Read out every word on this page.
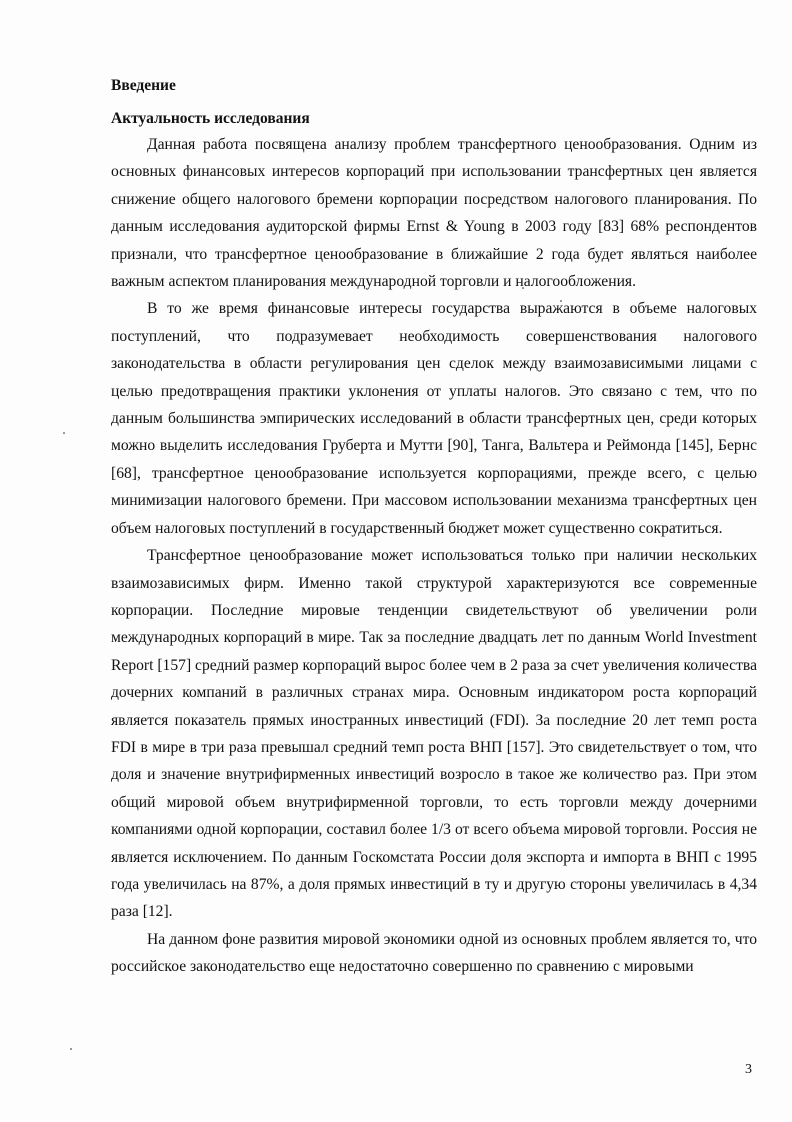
Введение

Актуальность исследования

Данная работа посвящена анализу проблем трансфертного ценообразования. Одним из основных финансовых интересов корпораций при использовании трансфертных цен является снижение общего налогового бремени корпорации посредством налогового планирования. По данным исследования аудиторской фирмы Ernst & Young в 2003 году [83] 68% респондентов признали, что трансфертное ценообразование в ближайшие 2 года будет являться наиболее важным аспектом планирования международной торговли и налогообложения.

В то же время финансовые интересы государства выражаются в объеме налоговых поступлений, что подразумевает необходимость совершенствования налогового законодательства в области регулирования цен сделок между взаимозависимыми лицами с целью предотвращения практики уклонения от уплаты налогов. Это связано с тем, что по данным большинства эмпирических исследований в области трансфертных цен, среди которых можно выделить исследования Груберта и Мутти [90], Танга, Вальтера и Реймонда [145], Бернс [68], трансфертное ценообразование используется корпорациями, прежде всего, с целью минимизации налогового бремени. При массовом использовании механизма трансфертных цен объем налоговых поступлений в государственный бюджет может существенно сократиться.

Трансфертное ценообразование может использоваться только при наличии нескольких взаимозависимых фирм. Именно такой структурой характеризуются все современные корпорации. Последние мировые тенденции свидетельствуют об увеличении роли международных корпораций в мире. Так за последние двадцать лет по данным World Investment Report [157] средний размер корпораций вырос более чем в 2 раза за счет увеличения количества дочерних компаний в различных странах мира. Основным индикатором роста корпораций является показатель прямых иностранных инвестиций (FDI). За последние 20 лет темп роста FDI в мире в три раза превышал средний темп роста ВНП [157]. Это свидетельствует о том, что доля и значение внутрифирменных инвестиций возросло в такое же количество раз. При этом общий мировой объем внутрифирменной торговли, то есть торговли между дочерними компаниями одной корпорации, составил более 1/3 от всего объема мировой торговли. Россия не является исключением. По данным Госкомстата России доля экспорта и импорта в ВНП с 1995 года увеличилась на 87%, а доля прямых инвестиций в ту и другую стороны увеличилась в 4,34 раза [12].

На данном фоне развития мировой экономики одной из основных проблем является то, что российское законодательство еще недостаточно совершенно по сравнению с мировыми

3
